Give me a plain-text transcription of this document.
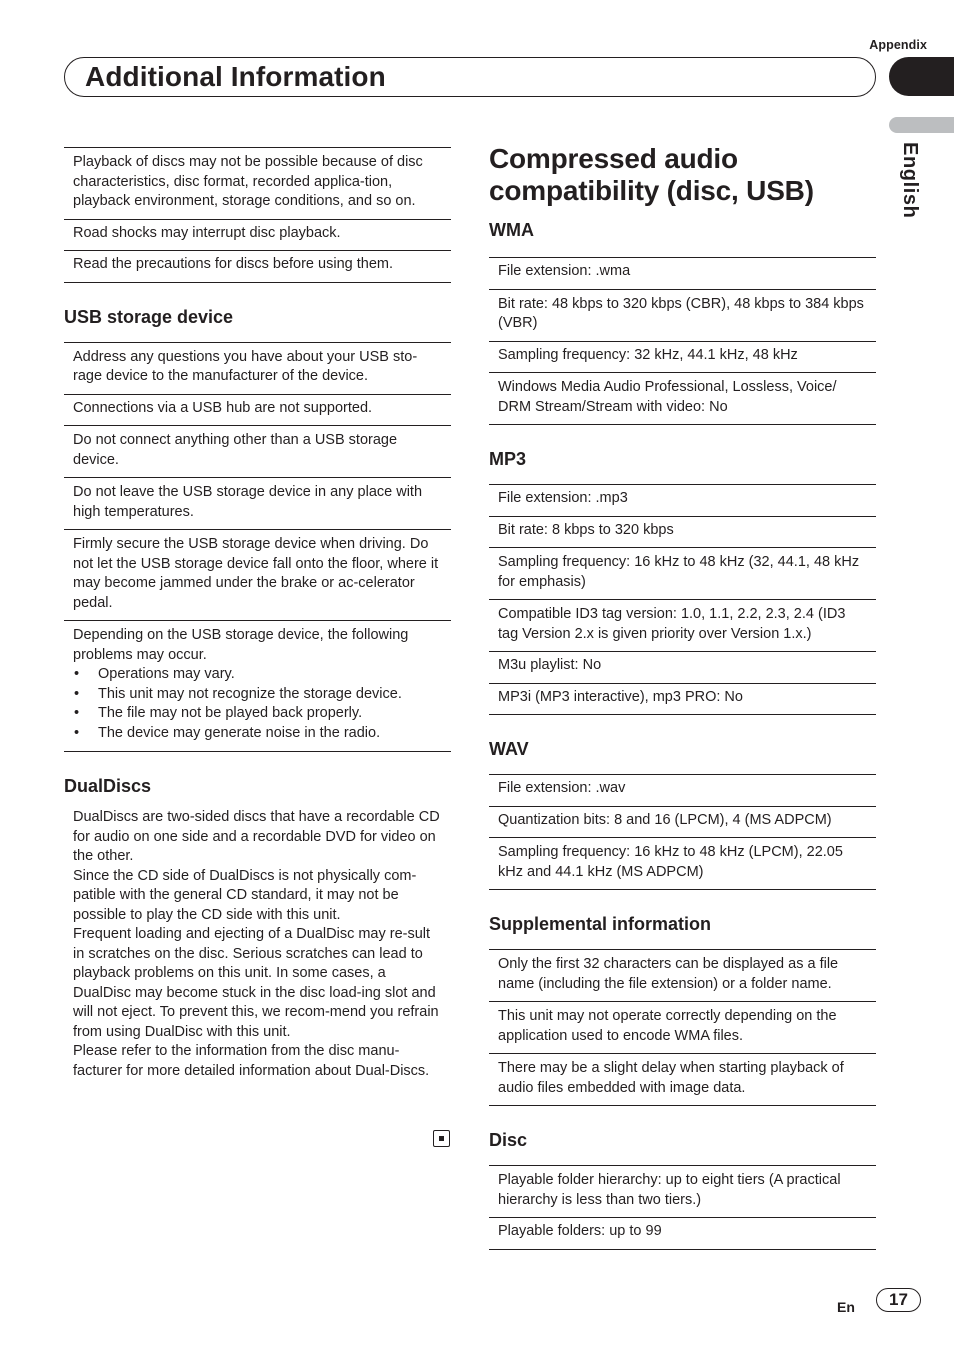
Appendix
Additional Information
English
Playback of discs may not be possible because of disc characteristics, disc format, recorded applica-tion, playback environment, storage conditions, and so on.
Road shocks may interrupt disc playback.
Read the precautions for discs before using them.
USB storage device
Address any questions you have about your USB sto-rage device to the manufacturer of the device.
Connections via a USB hub are not supported.
Do not connect anything other than a USB storage device.
Do not leave the USB storage device in any place with high temperatures.
Firmly secure the USB storage device when driving. Do not let the USB storage device fall onto the floor, where it may become jammed under the brake or ac-celerator pedal.
Depending on the USB storage device, the following problems may occur.
• Operations may vary.
• This unit may not recognize the storage device.
• The file may not be played back properly.
• The device may generate noise in the radio.
DualDiscs

DualDiscs are two-sided discs that have a recordable CD for audio on one side and a recordable DVD for video on the other.

Since the CD side of DualDiscs is not physically com-patible with the general CD standard, it may not be possible to play the CD side with this unit.

Frequent loading and ejecting of a DualDisc may re-sult in scratches on the disc. Serious scratches can lead to playback problems on this unit. In some cases, a DualDisc may become stuck in the disc load-ing slot and will not eject. To prevent this, we recom-mend you refrain from using DualDisc with this unit.

Please refer to the information from the disc manu-facturer for more detailed information about Dual-Discs.

Compressed audio
compatibility (disc, USB)
WMA
File extension: .wma
Bit rate: 48 kbps to 320 kbps (CBR), 48 kbps to 384 kbps (VBR)
Sampling frequency: 32 kHz, 44.1 kHz, 48 kHz
Windows Media Audio Professional, Lossless, Voice/ DRM Stream/Stream with video: No
MP3
File extension: .mp3
Bit rate: 8 kbps to 320 kbps
Sampling frequency: 16 kHz to 48 kHz (32, 44.1, 48 kHz for emphasis)
Compatible ID3 tag version: 1.0, 1.1, 2.2, 2.3, 2.4 (ID3 tag Version 2.x is given priority over Version 1.x.)
M3u playlist: No
MP3i (MP3 interactive), mp3 PRO: No
WAV
File extension: .wav
Quantization bits: 8 and 16 (LPCM), 4 (MS ADPCM)
Sampling frequency: 16 kHz to 48 kHz (LPCM), 22.05 kHz and 44.1 kHz (MS ADPCM)
Supplemental information
Only the first 32 characters can be displayed as a file name (including the file extension) or a folder name.
This unit may not operate correctly depending on the application used to encode WMA files.
There may be a slight delay when starting playback of audio files embedded with image data.
Disc
Playable folder hierarchy: up to eight tiers (A practical hierarchy is less than two tiers.)
Playable folders: up to 99
En	17
